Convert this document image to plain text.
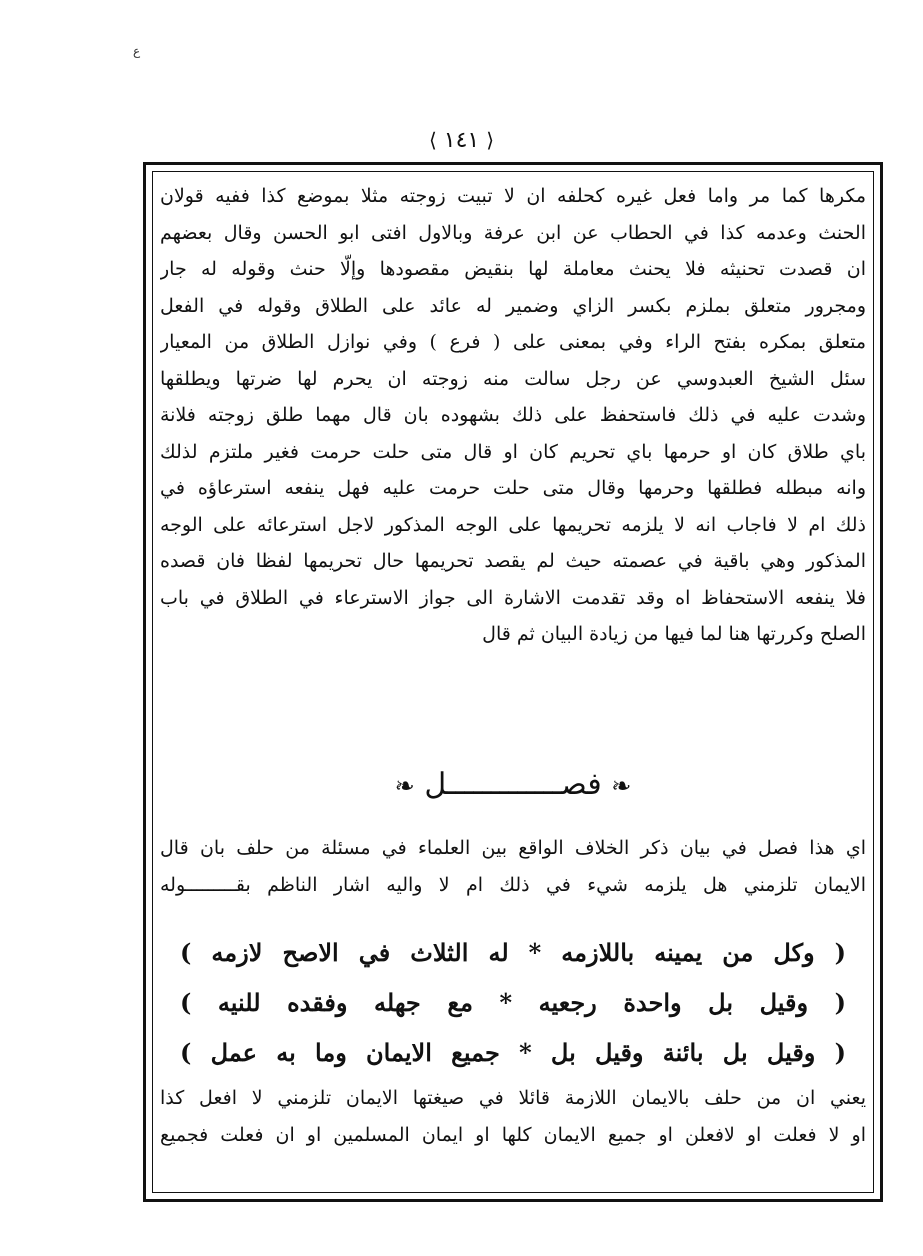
ع
⟨ ١٤١ ⟩
مكرها كما مر واما فعل غيره كحلفه ان لا تبيت زوجته مثلا بموضع كذا ففيه قولان
الحنث وعدمه كذا في الحطاب عن ابن عرفة وبالاول افتى ابو الحسن وقال بعضهم
ان قصدت تحنيثه فلا يحنث معاملة لها بنقيض مقصودها وإلّا حنث وقوله له جار
ومجرور متعلق بملزم بكسر الزاي وضمير له عائد على الطلاق وقوله في الفعل
متعلق بمكره بفتح الراء وفي بمعنى على ( فرع ) وفي نوازل الطلاق من المعيار
سئل الشيخ العبدوسي عن رجل سالت منه زوجته ان يحرم لها ضرتها ويطلقها
وشدت عليه في ذلك فاستحفظ على ذلك بشهوده بان قال مهما طلق زوجته فلانة
باي طلاق كان او حرمها باي تحريم كان او قال متى حلت حرمت فغير ملتزم لذلك
وانه مبطله فطلقها وحرمها وقال متى حلت حرمت عليه فهل ينفعه استرعاؤه في
ذلك ام لا فاجاب انه لا يلزمه تحريمها على الوجه المذكور لاجل استرعائه على الوجه
المذكور وهي باقية في عصمته حيث لم يقصد تحريمها حال تحريمها لفظا فان قصده
فلا ينفعه الاستحفاظ اه وقد تقدمت الاشارة الى جواز الاسترعاء في الطلاق في باب
الصلح وكررتها هنا لما فيها من زيادة البيان ثم قال
❧ فصـــــــــــــل ❧
اي هذا فصل في بيان ذكر الخلاف الواقع بين العلماء في مسئلة من حلف بان قال
الايمان تلزمني هل يلزمه شيء في ذلك ام لا واليه اشار الناظم بقـــــــــوله
( وكل من يمينه باللازمه * له الثلاث في الاصح لازمه )
( وقيل بل واحدة رجعيه * مع جهله وفقده للنيه )
( وقيل بل بائنة وقيل بل * جميع الايمان وما به عمل )
يعني ان من حلف بالايمان اللازمة قائلا في صيغتها الايمان تلزمني لا افعل كذا
او لا فعلت او لافعلن او جميع الايمان كلها او ايمان المسلمين او ان فعلت فجميع
